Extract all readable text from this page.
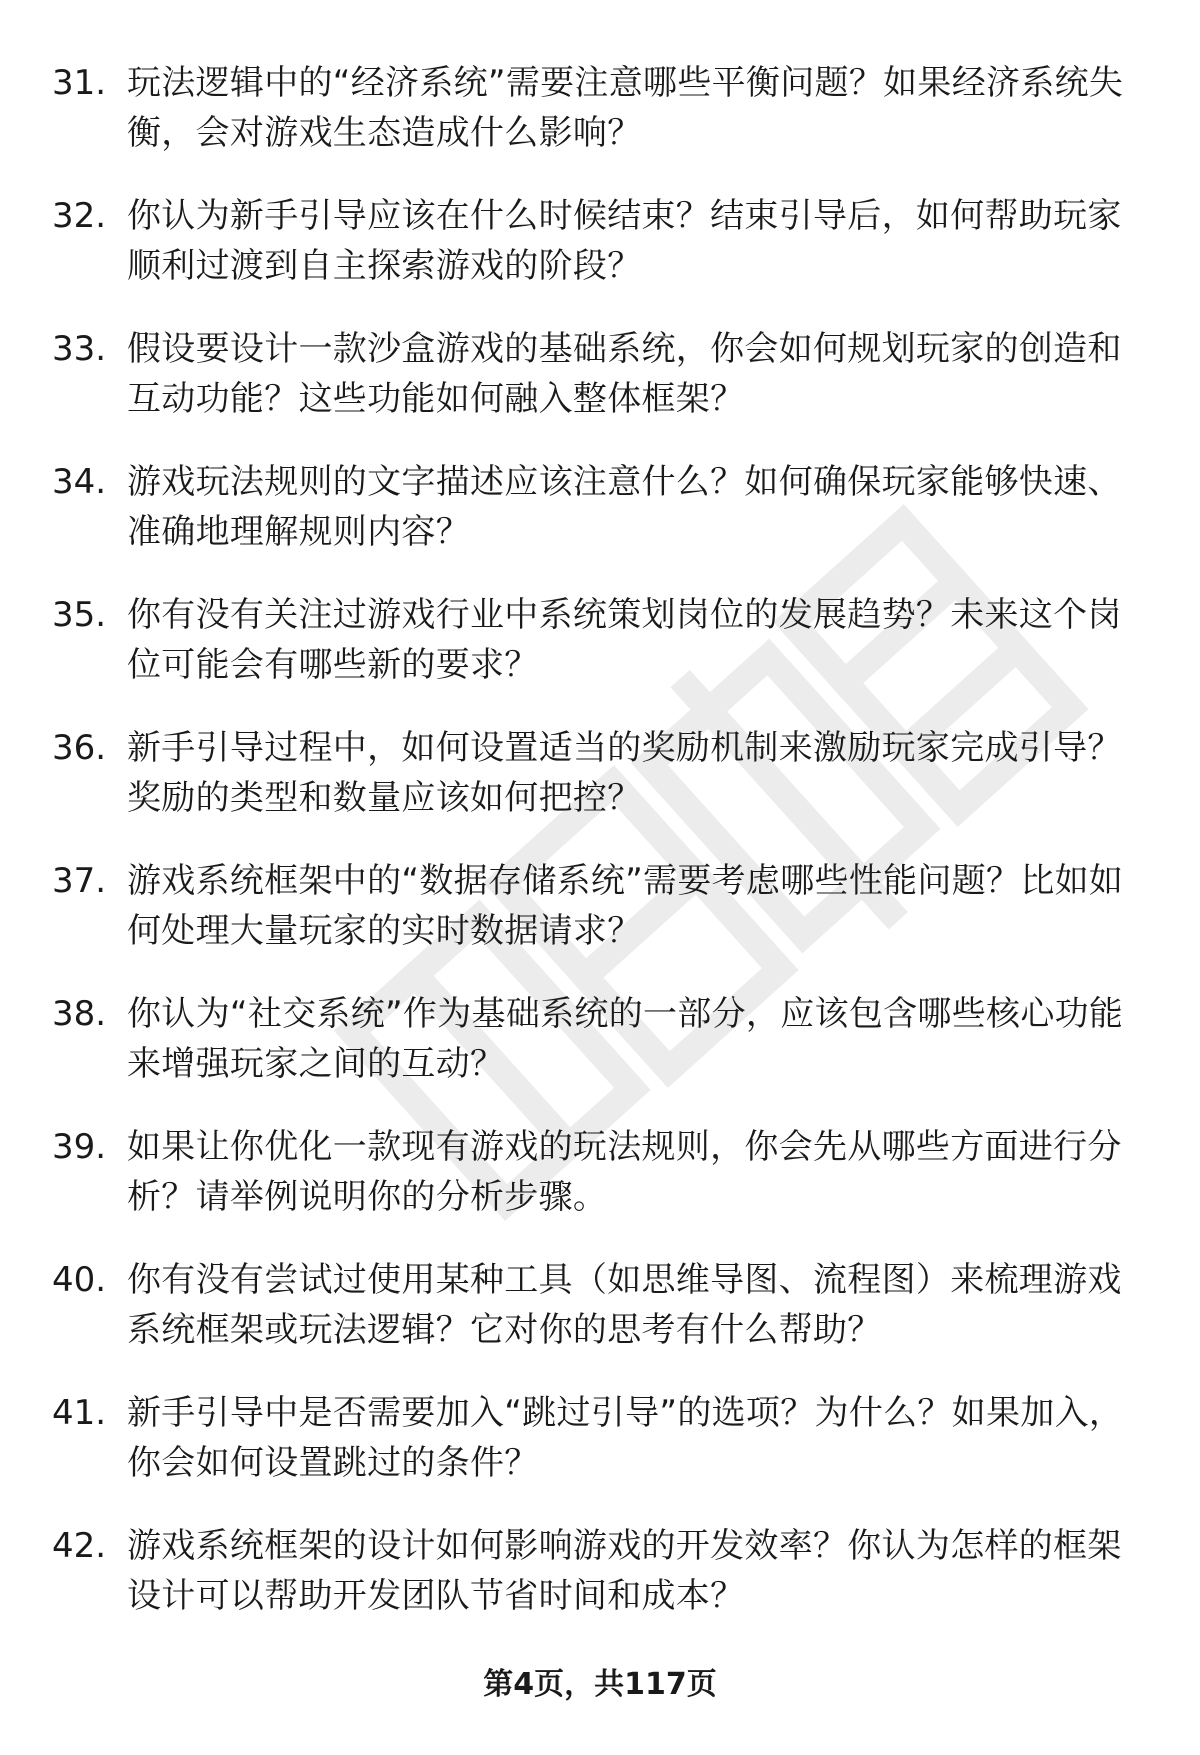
31. 玩法逻辑中的“经济系统”需要注意哪些平衡问题？如果经济系统失衡，会对游戏生态造成什么影响？
32. 你认为新手引导应该在什么时候结束？结束引导后，如何帮助玩家顺利过渡到自主探索游戏的阶段？
33. 假设要设计一款沙盒游戏的基础系统，你会如何规划玩家的创造和互动功能？这些功能如何融入整体框架？
34. 游戏玩法规则的文字描述应该注意什么？如何确保玩家能够快速、准确地理解规则内容？
35. 你有没有关注过游戏行业中系统策划岗位的发展趋势？未来这个岗位可能会有哪些新的要求？
36. 新手引导过程中，如何设置适当的奖励机制来激励玩家完成引导？奖励的类型和数量应该如何把控？
37. 游戏系统框架中的“数据存储系统”需要考虑哪些性能问题？比如如何处理大量玩家的实时数据请求？
38. 你认为“社交系统”作为基础系统的一部分，应该包含哪些核心功能来增强玩家之间的互动？
39. 如果让你优化一款现有游戏的玩法规则，你会先从哪些方面进行分析？请举例说明你的分析步骤。
40. 你有没有尝试过使用某种工具（如思维导图、流程图）来梳理游戏系统框架或玩法逻辑？它对你的思考有什么帮助？
41. 新手引导中是否需要加入“跳过引导”的选项？为什么？如果加入，你会如何设置跳过的条件？
42. 游戏系统框架的设计如何影响游戏的开发效率？你认为怎样的框架设计可以帮助开发团队节省时间和成本？
第4页，共117页
